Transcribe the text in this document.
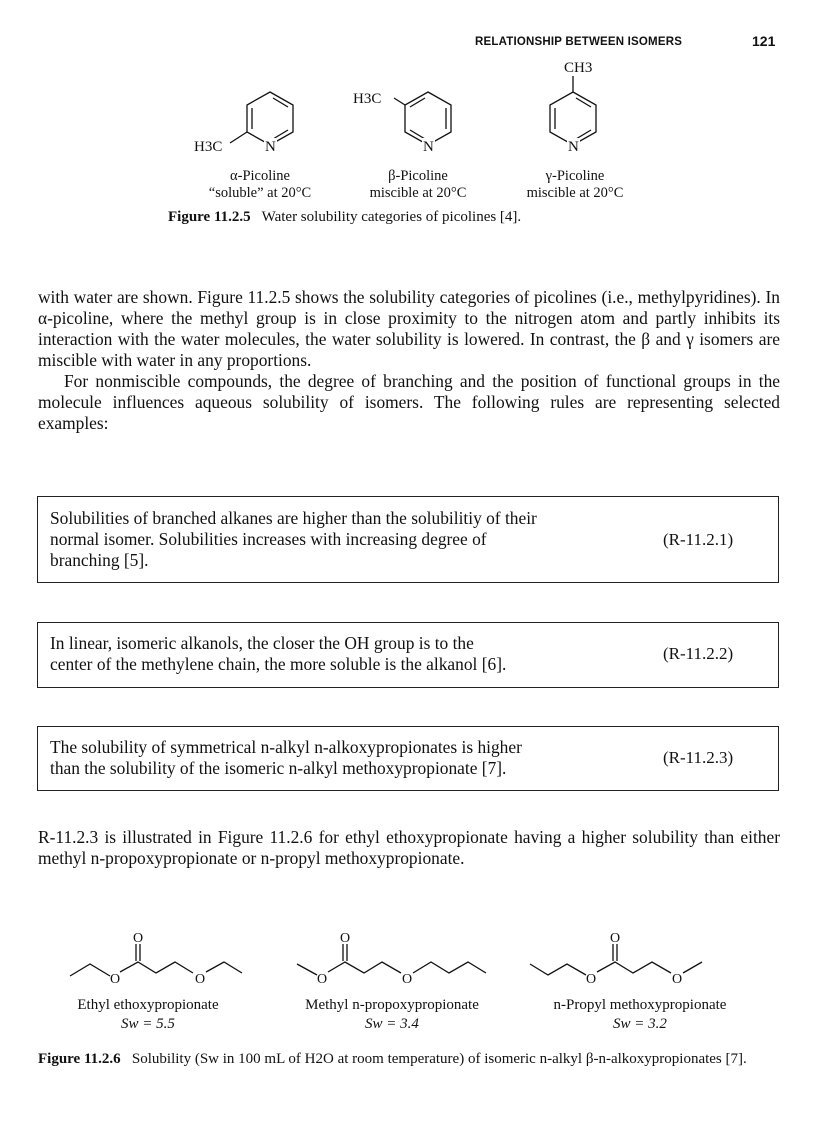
RELATIONSHIP BETWEEN ISOMERS	121
N
H3C	N
H3C
N
CH3
α-Picoline
“soluble” at 20°C
β-Picoline
miscible at 20°C
γ-Picoline
miscible at 20°C
Figure 11.2.5 Water solubility categories of picolines [4].

with water are shown. Figure 11.2.5 shows the solubility categories of picolines (i.e., methylpyridines). In α-picoline, where the methyl group is in close proximity to the nitrogen atom and partly inhibits its interaction with the water molecules, the water solubility is lowered. In contrast, the β and γ isomers are miscible with water in any proportions.

For nonmiscible compounds, the degree of branching and the position of functional groups in the molecule influences aqueous solubility of isomers. The following rules are representing selected examples:

Solubilities of branched alkanes are higher than the solubilitiy of their
normal isomer. Solubilities increases with increasing degree of
branching [5].
(R-11.2.1)
In linear, isomeric alkanols, the closer the OH group is to the
center of the methylene chain, the more soluble is the alkanol [6].
(R-11.2.2)
The solubility of symmetrical n-alkyl n-alkoxypropionates is higher
than the solubility of the isomeric n-alkyl methoxypropionate [7].
(R-11.2.3)

R-11.2.3 is illustrated in Figure 11.2.6 for ethyl ethoxypropionate having a higher solubility than either methyl n-propoxypropionate or n-propyl methoxypropionate.

O
O	O
O
O	O
O
O	O
Ethyl ethoxypropionate
Sw = 5.5
Methyl n-propoxypropionate
Sw = 3.4
n-Propyl methoxypropionate
Sw = 3.2
Figure 11.2.6 Solubility (Sw in 100 mL of H2O at room temperature) of isomeric n-alkyl β-n-alkoxypropionates [7].
